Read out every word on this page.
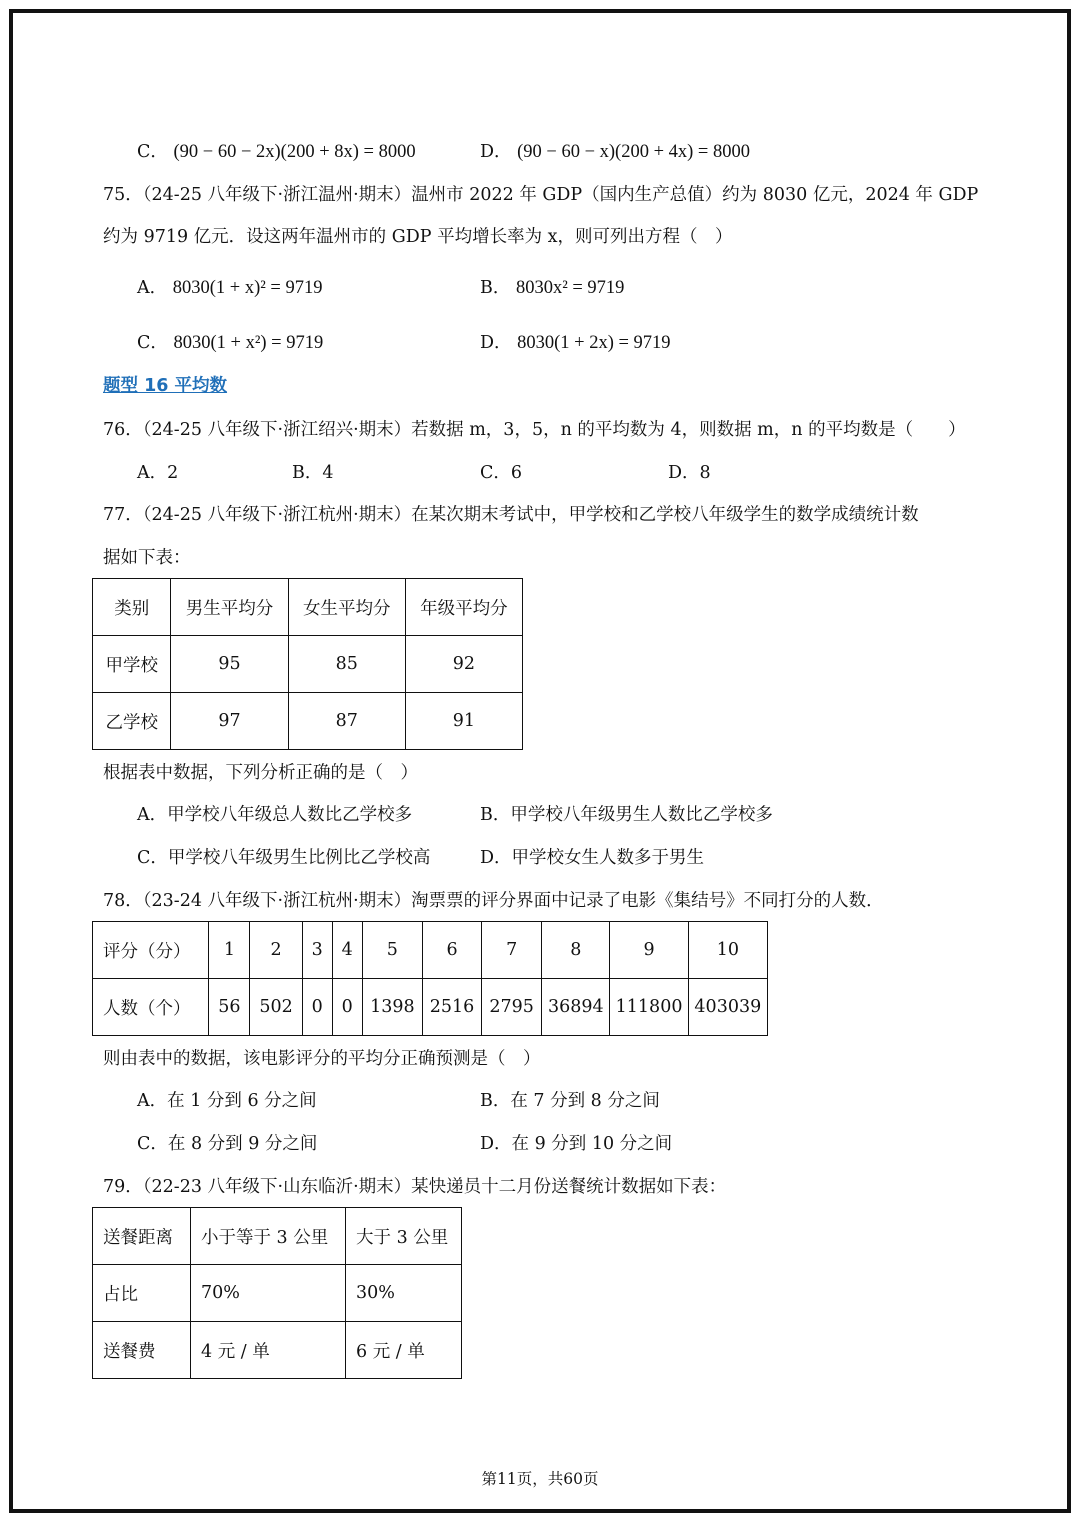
C． (90 − 60 − 2x)(200 + 8x) = 8000	D． (90 − 60 − x)(200 + 4x) = 8000
75．（24-25 八年级下·浙江温州·期末）温州市 2022 年 GDP（国内生产总值）约为 8030 亿元，2024 年 GDP
约为 9719 亿元．设这两年温州市的 GDP 平均增长率为 x，则可列出方程（　）
A． 8030(1 + x)² = 9719	B． 8030x² = 9719
C． 8030(1 + x²) = 9719	D． 8030(1 + 2x) = 9719
题型 16 平均数
76．（24-25 八年级下·浙江绍兴·期末）若数据 m，3，5，n 的平均数为 4，则数据 m，n 的平均数是（　　）
A．2	B．4	C．6	D．8
77．（24-25 八年级下·浙江杭州·期末）在某次期末考试中，甲学校和乙学校八年级学生的数学成绩统计数
据如下表：
类别	男生平均分	女生平均分	年级平均分
甲学校	95	85	92
乙学校	97	87	91
根据表中数据，下列分析正确的是（　）
A．甲学校八年级总人数比乙学校多	B．甲学校八年级男生人数比乙学校多
C．甲学校八年级男生比例比乙学校高	D．甲学校女生人数多于男生
78．（23-24 八年级下·浙江杭州·期末）淘票票的评分界面中记录了电影《集结号》不同打分的人数．
评分（分）	1	2	3	4	5	6	7	8	9	10
人数（个）	56	502	0	0	1398	2516	2795	36894	111800	403039
则由表中的数据，该电影评分的平均分正确预测是（　）
A．在 1 分到 6 分之间	B．在 7 分到 8 分之间
C．在 8 分到 9 分之间	D．在 9 分到 10 分之间
79．（22-23 八年级下·山东临沂·期末）某快递员十二月份送餐统计数据如下表：
送餐距离	小于等于 3 公里	大于 3 公里
占比	70%	30%
送餐费	4 元 / 单	6 元 / 单
第11页，共60页
